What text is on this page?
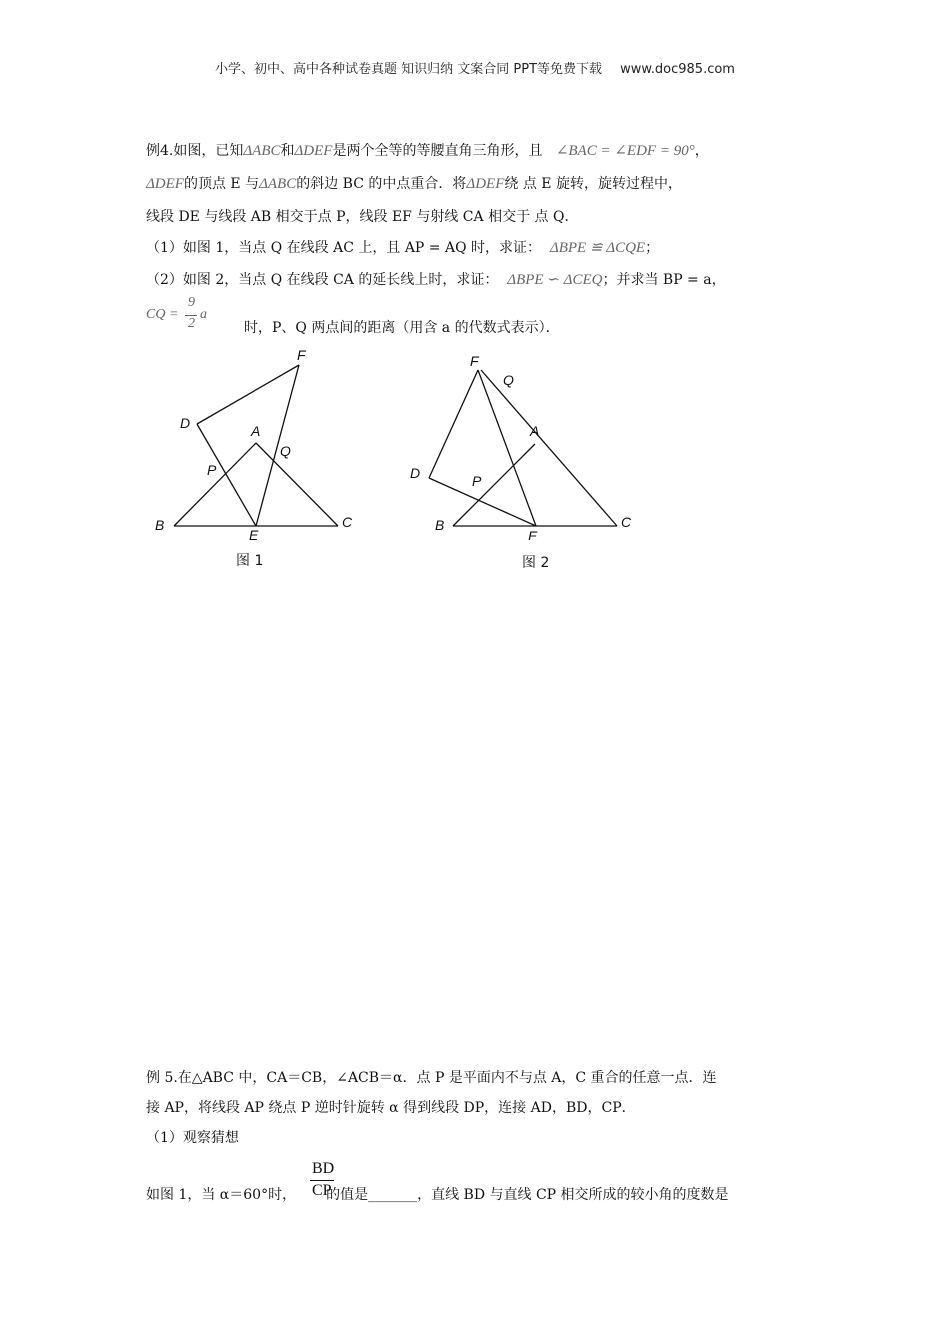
小学、初中、高中各种试卷真题 知识归纳 文案合同 PPT等免费下载 www.doc985.com
例4.如图，已知ΔABC和ΔDEF是两个全等的等腰直角三角形，且 ∠BAC = ∠EDF = 90°，
ΔDEF的顶点 E 与ΔABC的斜边 BC 的中点重合．将ΔDEF绕 点 E 旋转，旋转过程中，
线段 DE 与线段 AB 相交于点 P，线段 EF 与射线 CA 相交于 点 Q．
（1）如图 1，当点 Q 在线段 AC 上，且 AP = AQ 时，求证： ΔBPE ≌ ΔCQE；
（2）如图 2，当点 Q 在线段 CA 的延长线上时，求证： ΔBPE ∽ ΔCEQ；并求当 BP = a，
CQ =
9
2
a
时，P、Q 两点间的距离（用含 a 的代数式表示）．
F
D	A
Q
P
B
E
C
图 1
F
Q
A
D	P
B
E
C
图 2
例 5.在△ABC 中，CA＝CB，∠ACB＝α．点 P 是平面内不与点 A，C 重合的任意一点．连
接 AP，将线段 AP 绕点 P 逆时针旋转 α 得到线段 DP，连接 AD，BD，CP．
（1）观察猜想
BD
CP
如图 1，当 α＝60°时， 的值是_______，直线 BD 与直线 CP 相交所成的较小角的度数是
